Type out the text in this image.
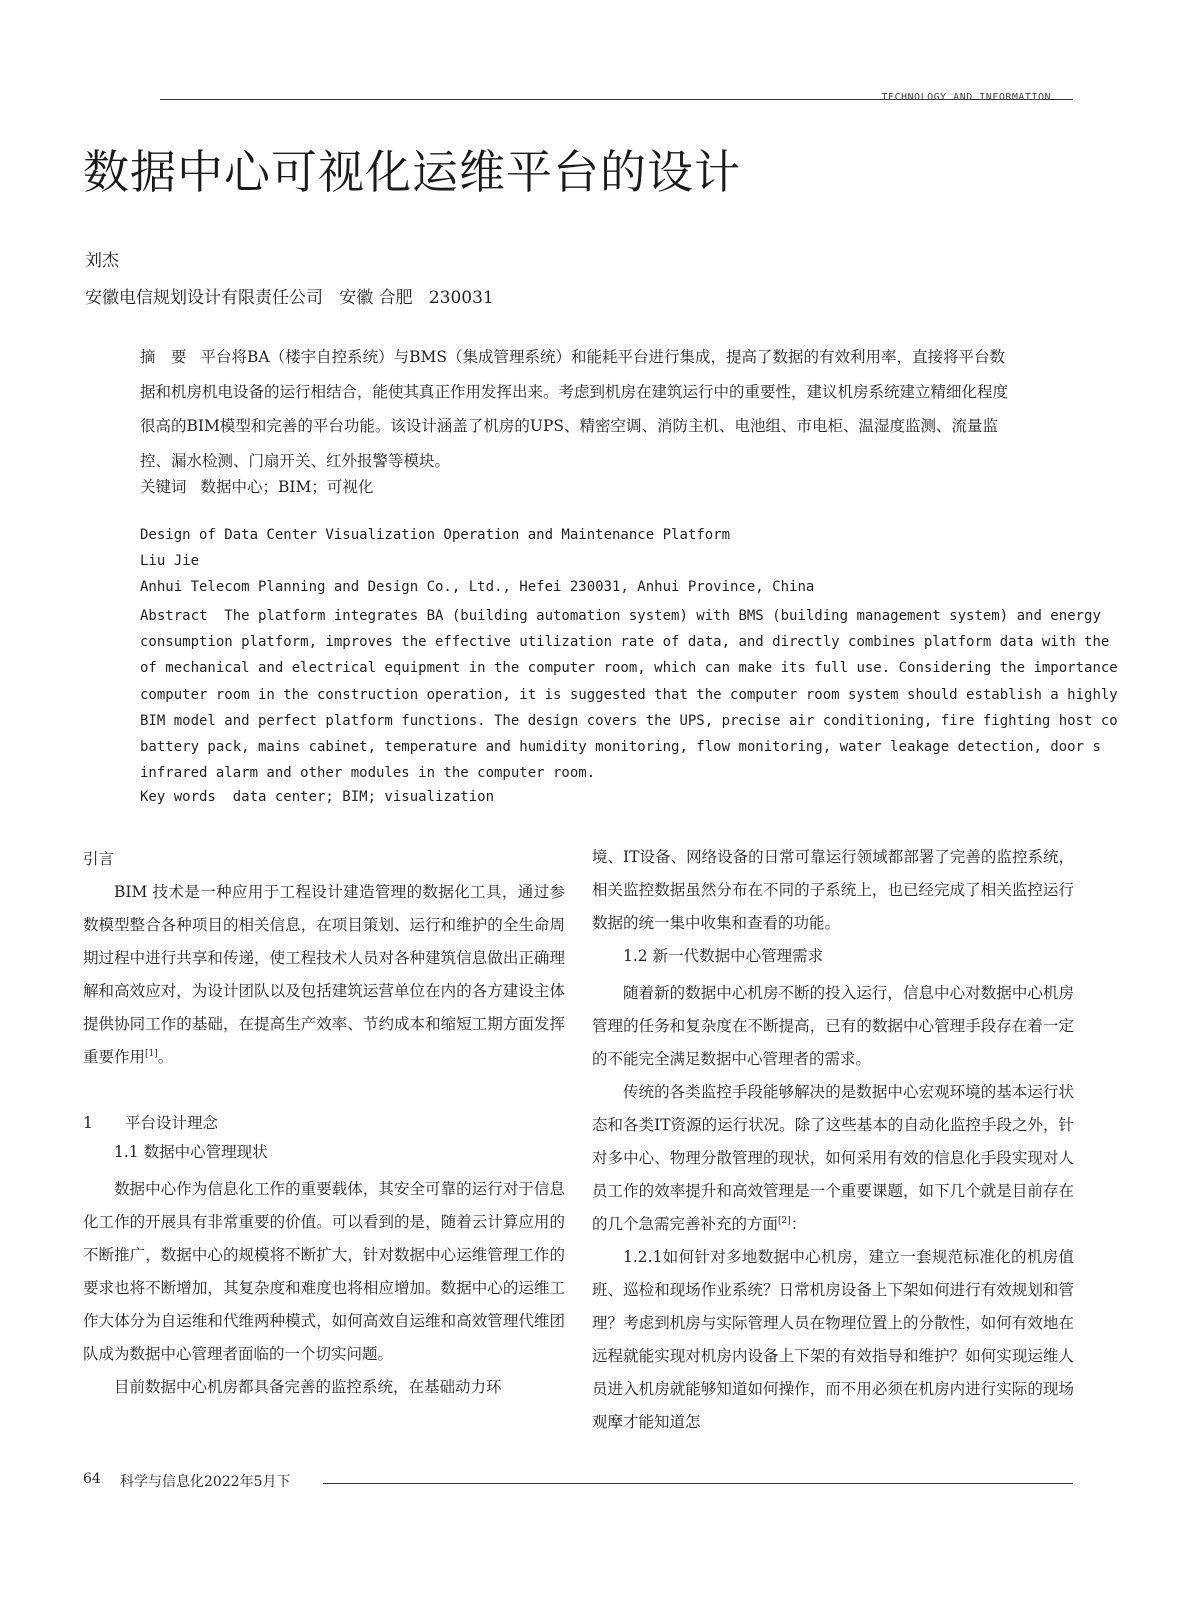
TECHNOLOGY AND INFORMATION
数据中心可视化运维平台的设计
刘杰
安徽电信规划设计有限责任公司   安徽 合肥   230031

摘　要 平台将BA（楼宇自控系统）与BMS（集成管理系统）和能耗平台进行集成，提高了数据的有效利用率，直接将平台数据和机房机电设备的运行相结合，能使其真正作用发挥出来。考虑到机房在建筑运行中的重要性，建议机房系统建立精细化程度很高的BIM模型和完善的平台功能。该设计涵盖了机房的UPS、精密空调、消防主机、电池组、市电柜、温湿度监测、流量监控、漏水检测、门扇开关、红外报警等模块。

关键词 数据中心；BIM；可视化
Design of Data Center Visualization Operation and Maintenance Platform
Liu Jie
Anhui Telecom Planning and Design Co., Ltd., Hefei 230031, Anhui Province, China
Abstract  The platform integrates BA (building automation system) with BMS (building management system) and energy
consumption platform, improves the effective utilization rate of data, and directly combines platform data with the
of mechanical and electrical equipment in the computer room, which can make its full use. Considering the importance
computer room in the construction operation, it is suggested that the computer room system should establish a highly
BIM model and perfect platform functions. The design covers the UPS, precise air conditioning, fire fighting host co
battery pack, mains cabinet, temperature and humidity monitoring, flow monitoring, water leakage detection, door s
infrared alarm and other modules in the computer room.
Key words  data center; BIM; visualization

引言

BIM 技术是一种应用于工程设计建造管理的数据化工具，通过参数模型整合各种项目的相关信息，在项目策划、运行和维护的全生命周期过程中进行共享和传递，使工程技术人员对各种建筑信息做出正确理解和高效应对，为设计团队以及包括建筑运营单位在内的各方建设主体提供协同工作的基础，在提高生产效率、节约成本和缩短工期方面发挥重要作用[1]。

1 平台设计理念

1.1 数据中心管理现状

数据中心作为信息化工作的重要载体，其安全可靠的运行对于信息化工作的开展具有非常重要的价值。可以看到的是，随着云计算应用的不断推广，数据中心的规模将不断扩大，针对数据中心运维管理工作的要求也将不断增加，其复杂度和难度也将相应增加。数据中心的运维工作大体分为自运维和代维两种模式，如何高效自运维和高效管理代维团队成为数据中心管理者面临的一个切实问题。

目前数据中心机房都具备完善的监控系统，在基础动力环

境、IT设备、网络设备的日常可靠运行领域都部署了完善的监控系统，相关监控数据虽然分布在不同的子系统上，也已经完成了相关监控运行数据的统一集中收集和查看的功能。

1.2 新一代数据中心管理需求

随着新的数据中心机房不断的投入运行，信息中心对数据中心机房管理的任务和复杂度在不断提高，已有的数据中心管理手段存在着一定的不能完全满足数据中心管理者的需求。

传统的各类监控手段能够解决的是数据中心宏观环境的基本运行状态和各类IT资源的运行状况。除了这些基本的自动化监控手段之外，针对多中心、物理分散管理的现状，如何采用有效的信息化手段实现对人员工作的效率提升和高效管理是一个重要课题，如下几个就是目前存在的几个急需完善补充的方面[2]：

1.2.1如何针对多地数据中心机房，建立一套规范标准化的机房值班、巡检和现场作业系统？日常机房设备上下架如何进行有效规划和管理？考虑到机房与实际管理人员在物理位置上的分散性，如何有效地在远程就能实现对机房内设备上下架的有效指导和维护？如何实现运维人员进入机房就能够知道如何操作，而不用必须在机房内进行实际的现场观摩才能知道怎

64 科学与信息化2022年5月下
